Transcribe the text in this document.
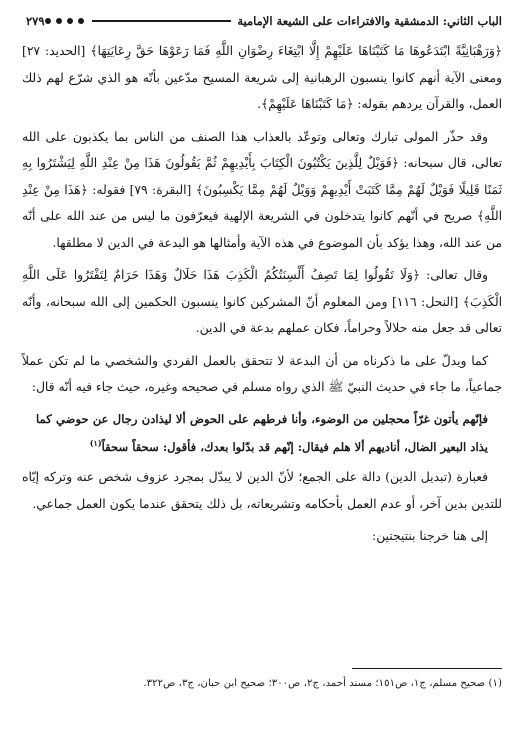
الباب الثاني: الدمشقية والافتراءات على الشيعة الإمامية
٢٧٩

﴿وَرَهْبَانِيَّةً ابْتَدَعُوهَا مَا كَتَبْنَاهَا عَلَيْهِمْ إِلَّا ابْتِغَاءَ رِضْوَانِ اللَّهِ فَمَا رَعَوْهَا حَقَّ رِعَايَتِهَا﴾ [الحديد: ٢٧] ومعنى الآية أنهم كانوا ينسبون الرهبانية إلى شريعة المسيح مدّعين بأنّه هو الذي شرّع لهم ذلك العمل، والقرآن يردهم بقوله: ﴿مَا كَتَبْنَاهَا عَلَيْهِمْ﴾.

وقد حذّر المولى تبارك وتعالى وتوعّد بالعذاب هذا الصنف من الناس بما يكذبون على الله تعالى، قال سبحانه: ﴿فَوَيْلٌ لِلَّذِينَ يَكْتُبُونَ الْكِتَابَ بِأَيْدِيهِمْ ثُمَّ يَقُولُونَ هَذَا مِنْ عِنْدِ اللَّهِ لِيَشْتَرُوا بِهِ ثَمَنًا قَلِيلًا فَوَيْلٌ لَهُمْ مِمَّا كَتَبَتْ أَيْدِيهِمْ وَوَيْلٌ لَهُمْ مِمَّا يَكْسِبُونَ﴾ [البقرة: ٧٩] فقوله: ﴿هَذَا مِنْ عِنْدِ اللَّهِ﴾ صريح في أنّهم كانوا يتدخلون في الشريعة الإلهية فيعرّفون ما ليس من عند الله على أنّه من عند الله، وهذا يؤكد بأن الموضوع في هذه الآية وأمثالها هو البدعة في الدين لا مطلقها.

وقال تعالى: ﴿وَلَا تَقُولُوا لِمَا تَصِفُ أَلْسِنَتُكُمُ الْكَذِبَ هَذَا حَلَالٌ وَهَذَا حَرَامٌ لِتَفْتَرُوا عَلَى اللَّهِ الْكَذِبَ﴾ [النحل: ١١٦] ومن المعلوم أنّ المشركين كانوا ينسبون الحكمين إلى الله سبحانه، وأنّه تعالى قد جعل منه حلالاً وحراماً، فكان عملهم بدعة في الدين.

كما ويدلّ على ما ذكرناه من أن البدعة لا تتحقق بالعمل الفردي والشخصي ما لم تكن عملاً جماعياً، ما جاء في حديث النبيّ ﷺ الذي رواه مسلم في صحيحه وغيره، حيث جاء فيه أنّه قال:

فإنّهم يأتون غرّاً محجلين من الوضوء، وأنا فرطهم على الحوض ألا ليذادن رجال عن حوضي كما يذاد البعير الضال، أناديهم ألا هلم فيقال: إنّهم قد بدّلوا بعدك، فأقول: سحقاً سحقاً$^{(١)}$

فعبارة (تبديل الدين) دالة على الجمع؛ لأنّ الدين لا يبدّل بمجرد عزوف شخص عنه وتركه إيّاه للتدين بدين آخر، أو عدم العمل بأحكامه وتشريعاته، بل ذلك يتحقق عندما يكون العمل جماعي.

إلى هنا خرجنا بنتيجتين:

(١) صحيح مسلم، ج١، ص١٥١؛ مسند أحمد، ج٢، ص٣٠٠؛ صحيح ابن حبان، ج٣، ص٣٢٢.
